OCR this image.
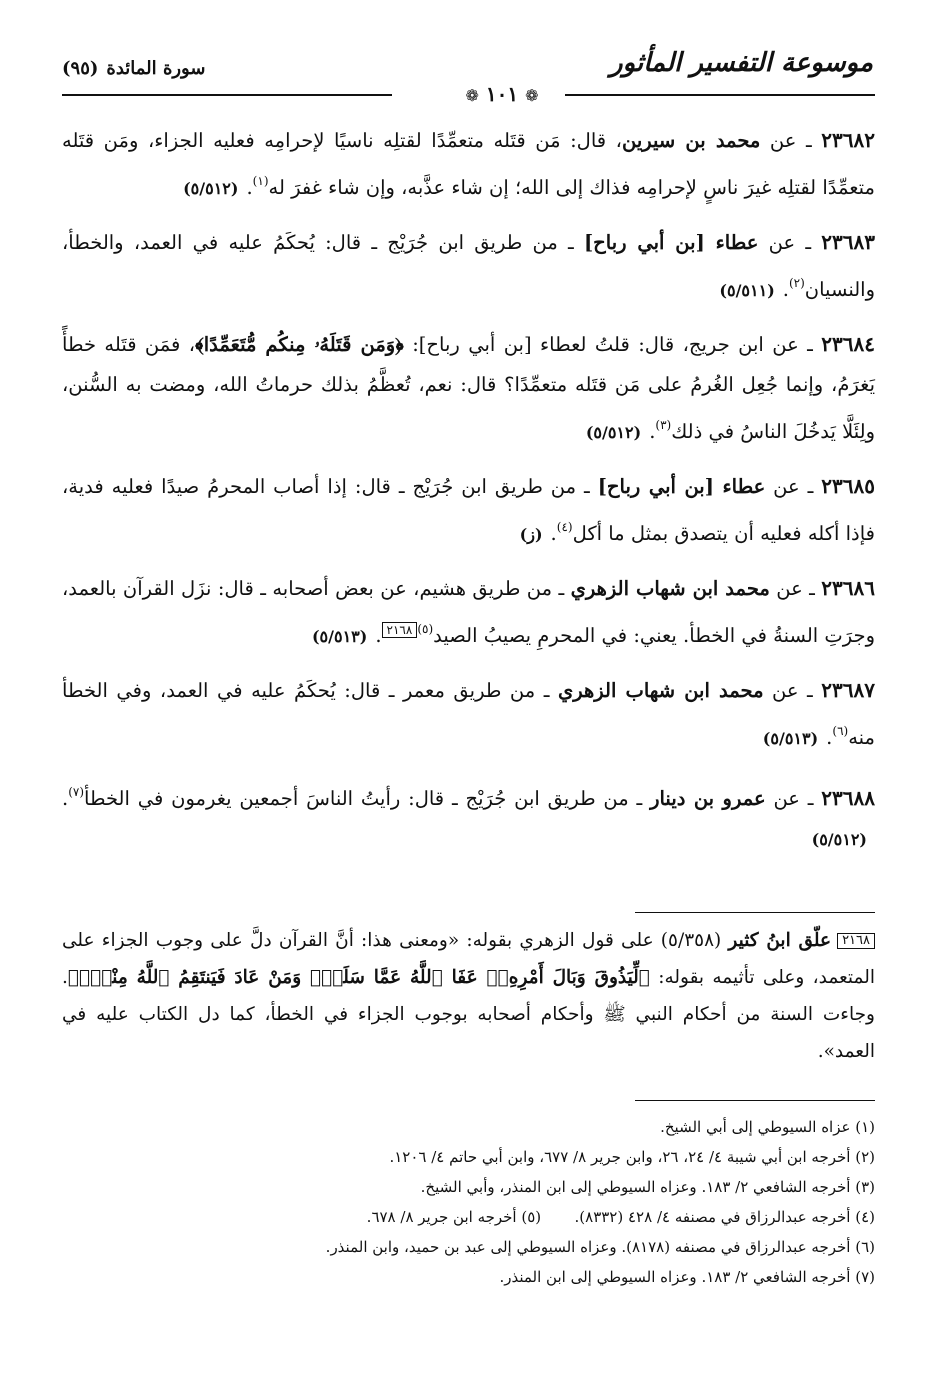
موسوعة التفسير المأثور
سورة المائدة
(٩٥)
❁ ١٠١ ❁

٢٣٦٨٢ ـ عن محمد بن سيرين، قال: مَن قتَله متعمِّدًا لقتلِه ناسيًا لإحرامِه فعليه الجزاء، ومَن قتَله متعمِّدًا لقتلِه غيرَ ناسٍ لإحرامِه فذاك إلى الله؛ إن شاء عذَّبه، وإن شاء غفرَ له$^{(١)}$.(٥/٥١٢)

٢٣٦٨٣ ـ عن عطاء [بن أبي رباح] ـ من طريق ابن جُرَيْج ـ قال: يُحكَمُ عليه في العمد، والخطأ، والنسيان$^{(٢)}$.(٥/٥١١)

٢٣٦٨٤ ـ عن ابن جريج، قال: قلتُ لعطاء [بن أبي رباح]: ﴿وَمَن قَتَلَهُۥ مِنكُم مُّتَعَمِّدًا﴾، فمَن قتَله خطأً يَغرَمُ، وإنما جُعِل الغُرمُ على مَن قتَله متعمِّدًا؟ قال: نعم، تُعظَّمُ بذلك حرماتُ الله، ومضت به السُّنن، ولِئَلَّا يَدخُلَ الناسُ في ذلك$^{(٣)}$.(٥/٥١٢)

٢٣٦٨٥ ـ عن عطاء [بن أبي رباح] ـ من طريق ابن جُرَيْج ـ قال: إذا أصاب المحرمُ صيدًا فعليه فدية، فإذا أكله فعليه أن يتصدق بمثل ما أكل$^{(٤)}$.(ز)

٢٣٦٨٦ ـ عن محمد ابن شهاب الزهري ـ من طريق هشيم، عن بعض أصحابه ـ قال: نزَل القرآن بالعمد، وجرَتِ السنةُ في الخطأ. يعني: في المحرمِ يصيبُ الصيد$^{(٥)}$٢١٦٨.(٥/٥١٣)

٢٣٦٨٧ ـ عن محمد ابن شهاب الزهري ـ من طريق معمر ـ قال: يُحكَمُ عليه في العمد، وفي الخطأ منه$^{(٦)}$.(٥/٥١٣)

٢٣٦٨٨ ـ عن عمرو بن دينار ـ من طريق ابن جُرَيْج ـ قال: رأيتُ الناسَ أجمعين يغرمون في الخطأ$^{(٧)}$.(٥/٥١٢)

٢١٦٨علّق ابنُ كثير (٥/٣٥٨) على قول الزهري بقوله: «ومعنى هذا: أنَّ القرآن دلَّ على وجوب الجزاء على المتعمد، وعلى تأثيمه بقوله: ﴿لِّيَذُوقَ وَبَالَ أَمْرِهِۦۗ عَفَا ٱللَّهُ عَمَّا سَلَفَۚ وَمَنْ عَادَ فَيَنتَقِمُ ٱللَّهُ مِنْهُۚ﴾. وجاءت السنة من أحكام النبي ﷺ وأحكام أصحابه بوجوب الجزاء في الخطأ، كما دل الكتاب عليه في العمد».

(١) عزاه السيوطي إلى أبي الشيخ.

(٢) أخرجه ابن أبي شيبة ٤/ ٢٤، ٢٦، وابن جرير ٨/ ٦٧٧، وابن أبي حاتم ٤/ ١٢٠٦.

(٣) أخرجه الشافعي ٢/ ١٨٣. وعزاه السيوطي إلى ابن المنذر، وأبي الشيخ.

(٤) أخرجه عبدالرزاق في مصنفه ٤/ ٤٢٨ (٨٣٣٢).       (٥) أخرجه ابن جرير ٨/ ٦٧٨.

(٦) أخرجه عبدالرزاق في مصنفه (٨١٧٨). وعزاه السيوطي إلى عبد بن حميد، وابن المنذر.

(٧) أخرجه الشافعي ٢/ ١٨٣. وعزاه السيوطي إلى ابن المنذر.
